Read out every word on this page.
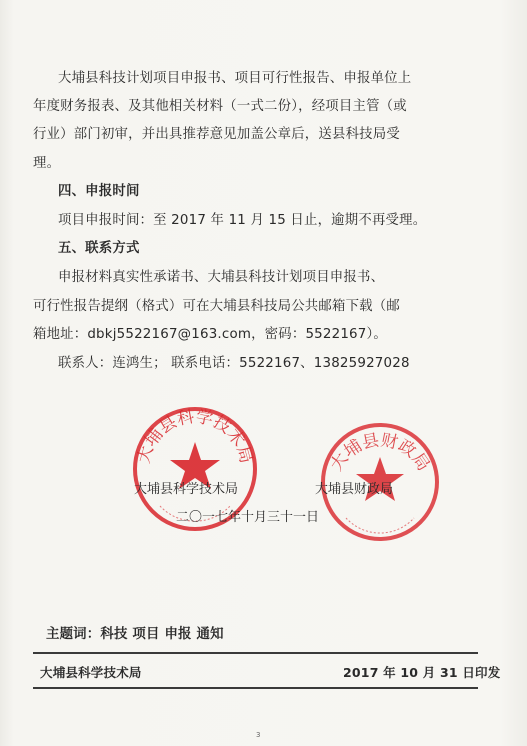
大埔县科技计划项目申报书、项目可行性报告、申报单位上
年度财务报表、及其他相关材料（一式二份），经项目主管（或
行业）部门初审，并出具推荐意见加盖公章后，送县科技局受
理。
四、申报时间
项目申报时间：至 2017 年 11 月 15 日止，逾期不再受理。
五、联系方式
申报材料真实性承诺书、大埔县科技计划项目申报书、
可行性报告提纲（格式）可在大埔县科技局公共邮箱下载（邮
箱地址：dbkj5522167@163.com，密码：5522167）。
联系人：连鸿生； 联系电话：5522167、13825927028
大埔县科学技术局	大埔县财政局
大埔县科学技术局	大埔县财政局
二〇一七年十月三十一日
主题词：科技 项目 申报 通知
大埔县科学技术局	2017 年 10 月 31 日印发
3
